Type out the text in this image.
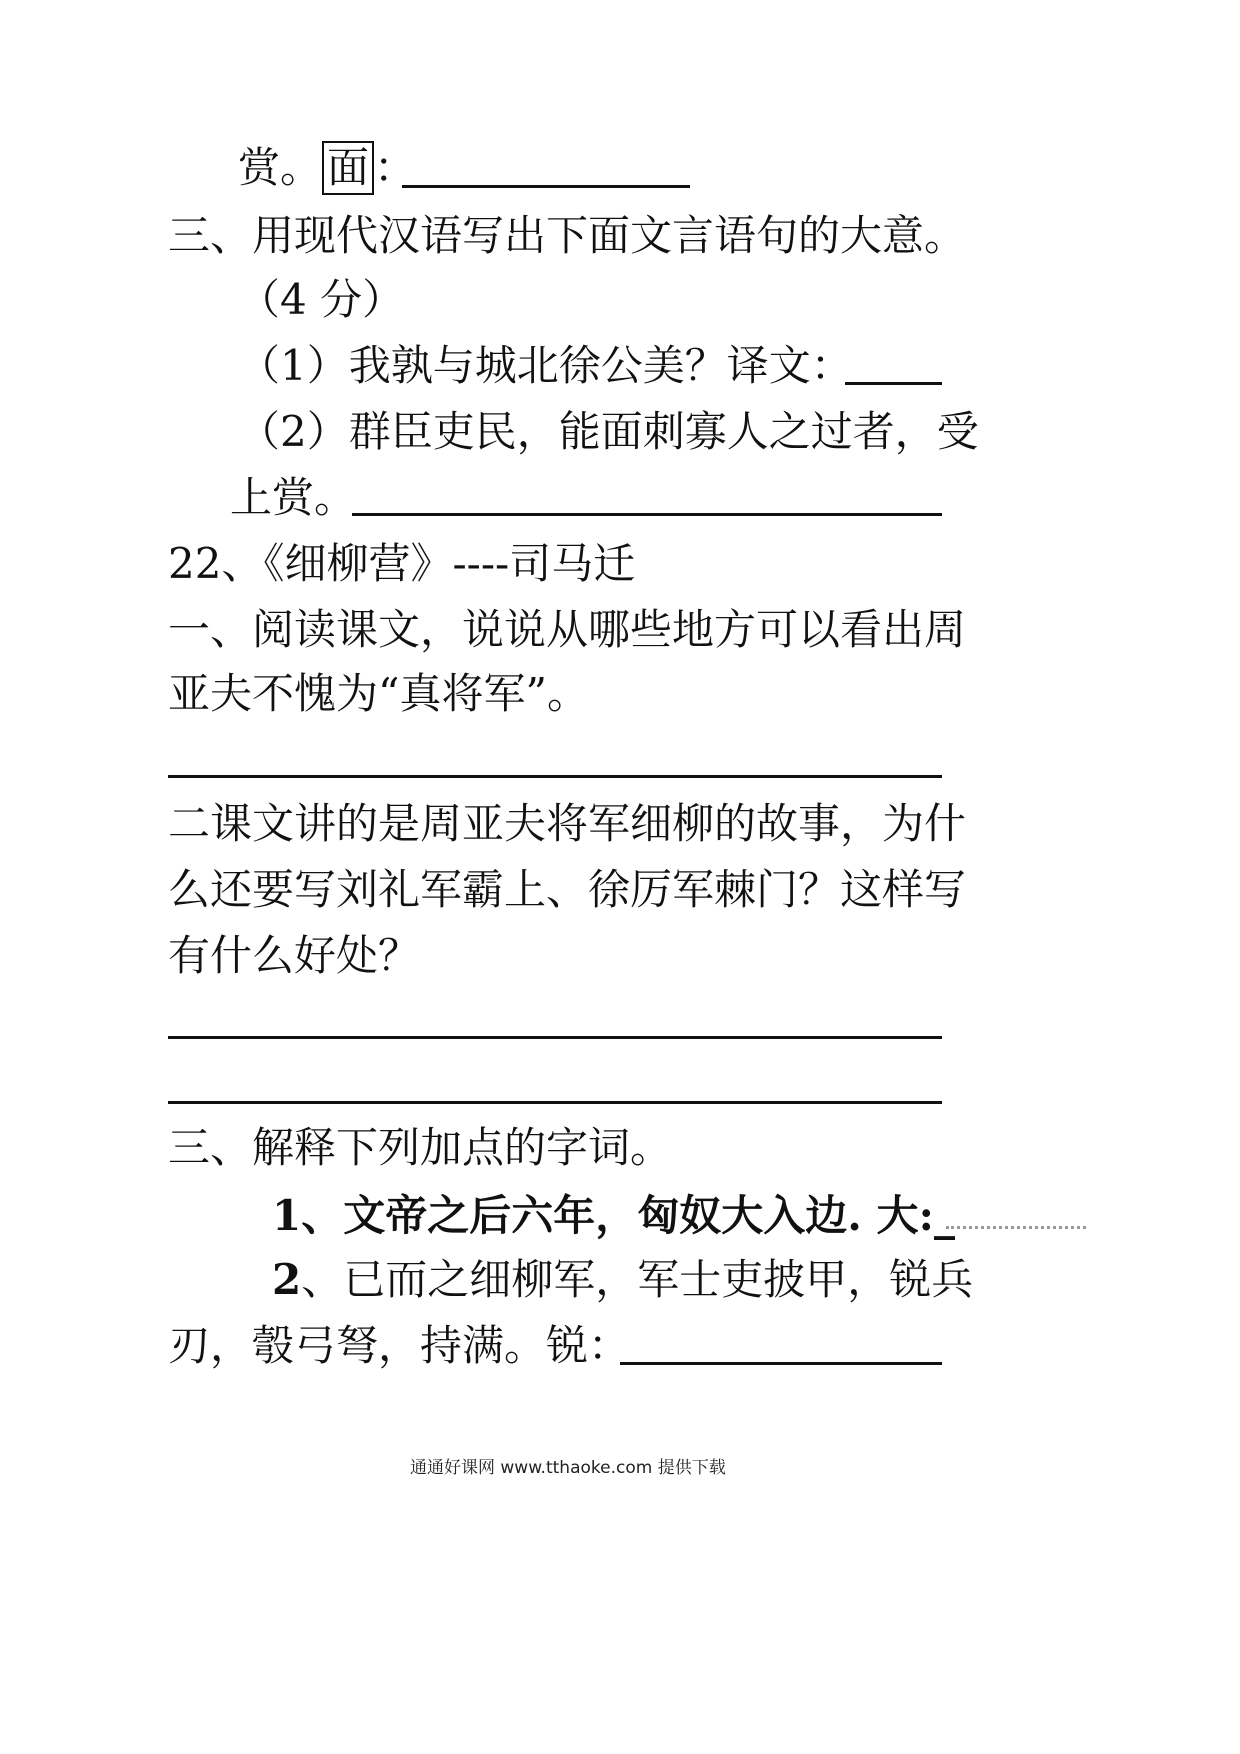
赏。 面 ：
三、用现代汉语写出下面文言语句的大意。
（4 分）
（1）我孰与城北徐公美？译文：
（2）群臣吏民，能面刺寡人之过者，受
上赏。
22、《细柳营》----司马迁
一、阅读课文，说说从哪些地方可以看出周
亚夫不愧为“真将军”。
二课文讲的是周亚夫将军细柳的故事，为什
么还要写刘礼军霸上、徐厉军棘门？这样写
有什么好处？
三、解释下列加点的字词。
1、文帝之后六年，匈奴大入边. 大:_
2、已而之细柳军，军士吏披甲，锐兵
刃，彀弓弩，持满。锐：
通通好课网 www.tthaoke.com 提供下载
